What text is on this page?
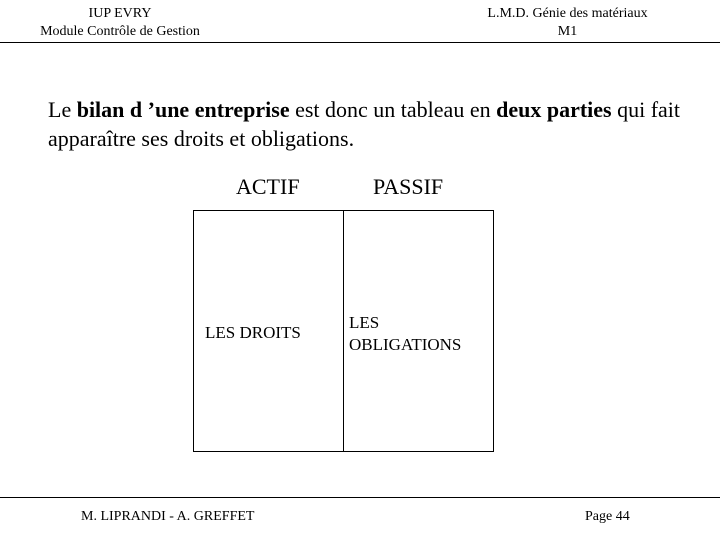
IUP EVRY
Module Contrôle de Gestion
L.M.D. Génie des matériaux
M1

Le bilan d ’une entreprise est donc un tableau en deux parties qui fait apparaître ses droits et obligations.

ACTIF	PASSIF
LES DROITS
LES
OBLIGATIONS
M. LIPRANDI - A. GREFFET	Page 44
